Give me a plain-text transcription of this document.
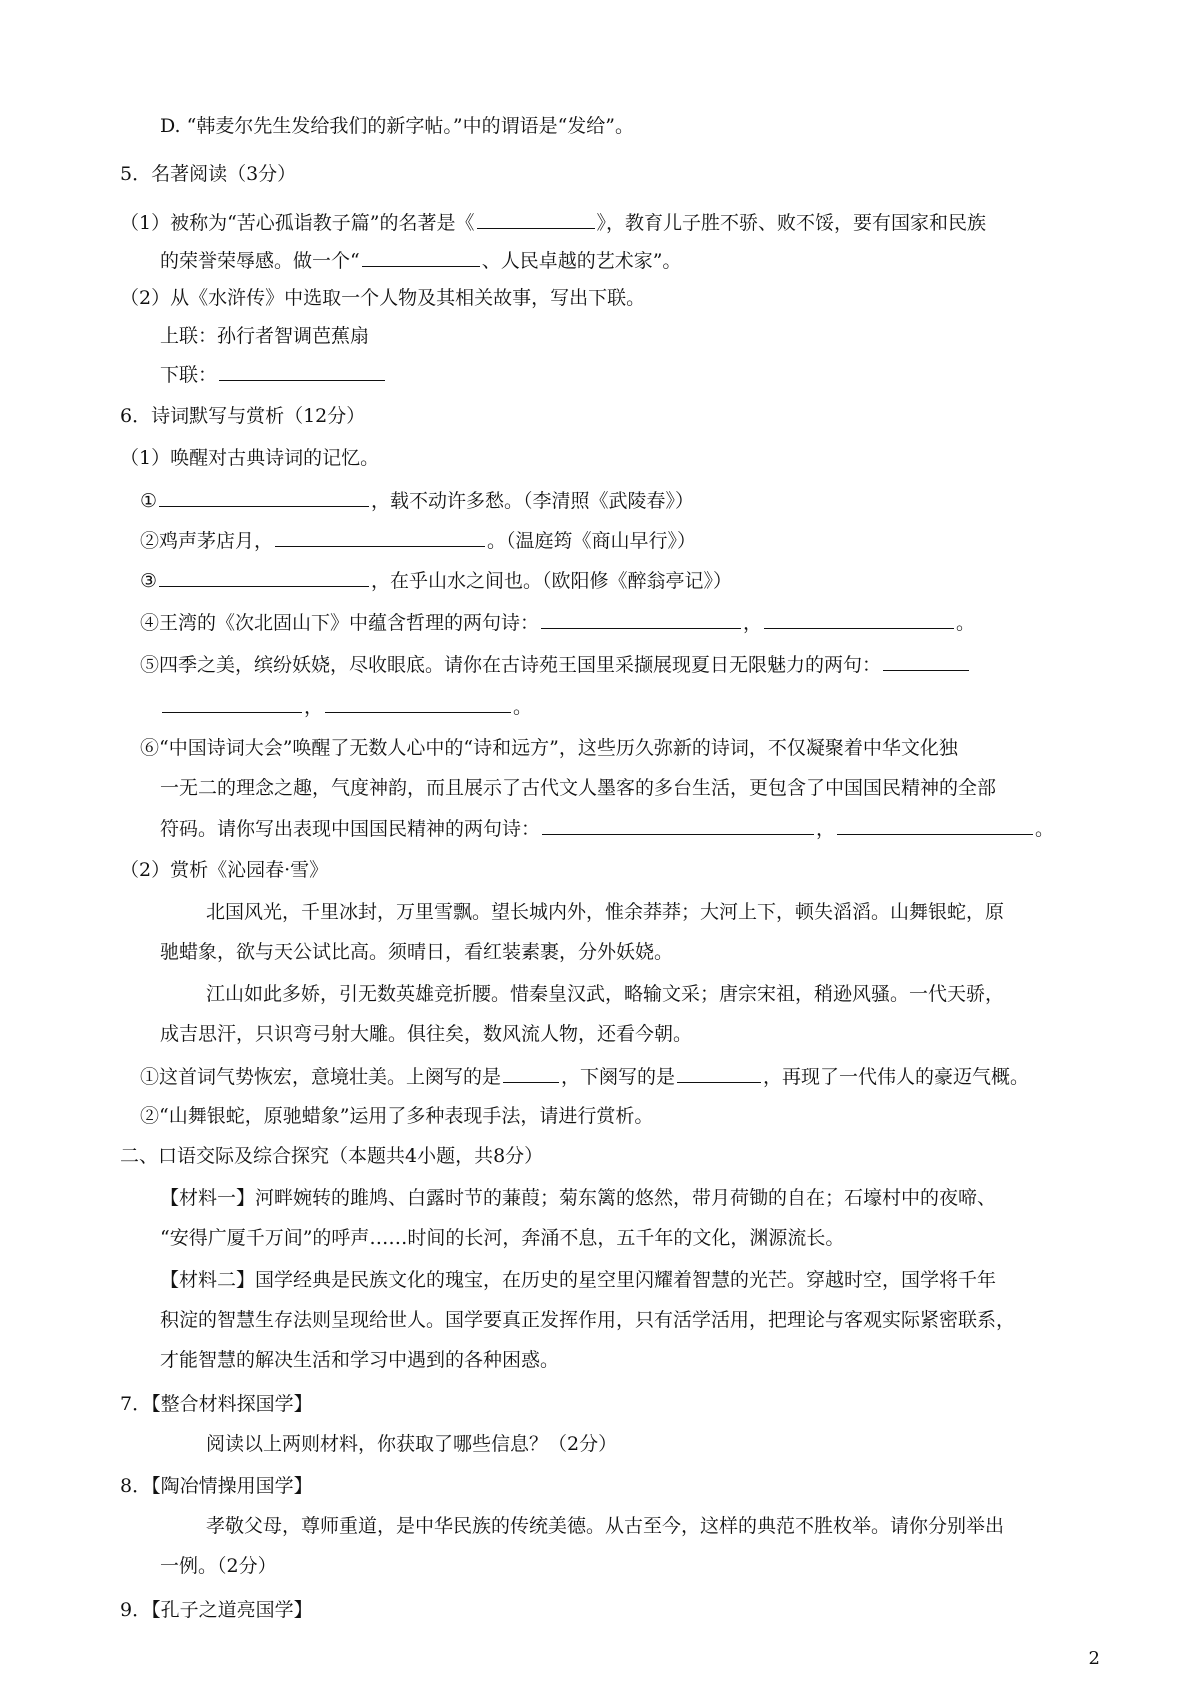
D. “韩麦尔先生发给我们的新字帖。”中的谓语是“发给”。
5．名著阅读（3分）
（1）被称为“苦心孤诣教子篇”的名著是《	》，教育儿子胜不骄、败不馁，要有国家和民族
的荣誉荣辱感。做一个“	、人民卓越的艺术家”。
（2）从《水浒传》中选取一个人物及其相关故事，写出下联。
上联：孙行者智调芭蕉扇
下联：
6．诗词默写与赏析（12分）
（1）唤醒对古典诗词的记忆。
①	，载不动许多愁。（李清照《武陵春》）
②鸡声茅店月，	。（温庭筠《商山早行》）
③	，在乎山水之间也。（欧阳修《醉翁亭记》）
④王湾的《次北固山下》中蕴含哲理的两句诗：	，	。
⑤四季之美，缤纷妖娆，尽收眼底。请你在古诗苑王国里采撷展现夏日无限魅力的两句：
，	。
⑥“中国诗词大会”唤醒了无数人心中的“诗和远方”，这些历久弥新的诗词，不仅凝聚着中华文化独
一无二的理念之趣，气度神韵，而且展示了古代文人墨客的多台生活，更包含了中国国民精神的全部
符码。请你写出表现中国国民精神的两句诗：	，	。
（2）赏析《沁园春·雪》
北国风光，千里冰封，万里雪飘。望长城内外，惟余莽莽；大河上下，顿失滔滔。山舞银蛇，原
驰蜡象，欲与天公试比高。须晴日，看红装素裹，分外妖娆。
江山如此多娇，引无数英雄竞折腰。惜秦皇汉武，略输文采；唐宗宋祖，稍逊风骚。一代天骄，
成吉思汗，只识弯弓射大雕。俱往矣，数风流人物，还看今朝。
①这首词气势恢宏，意境壮美。上阕写的是	，下阕写的是	，再现了一代伟人的豪迈气概。
②“山舞银蛇，原驰蜡象”运用了多种表现手法，请进行赏析。
二、口语交际及综合探究（本题共4小题，共8分）
【材料一】河畔婉转的雎鸠、白露时节的蒹葭；菊东篱的悠然，带月荷锄的自在；石壕村中的夜啼、
“安得广厦千万间”的呼声……时间的长河，奔涌不息，五千年的文化，渊源流长。
【材料二】国学经典是民族文化的瑰宝，在历史的星空里闪耀着智慧的光芒。穿越时空，国学将千年
积淀的智慧生存法则呈现给世人。国学要真正发挥作用，只有活学活用，把理论与客观实际紧密联系，
才能智慧的解决生活和学习中遇到的各种困惑。
7．【整合材料探国学】
阅读以上两则材料，你获取了哪些信息？（2分）
8．【陶冶情操用国学】
孝敬父母，尊师重道，是中华民族的传统美德。从古至今，这样的典范不胜枚举。请你分别举出
一例。（2分）
9．【孔子之道亮国学】
2
